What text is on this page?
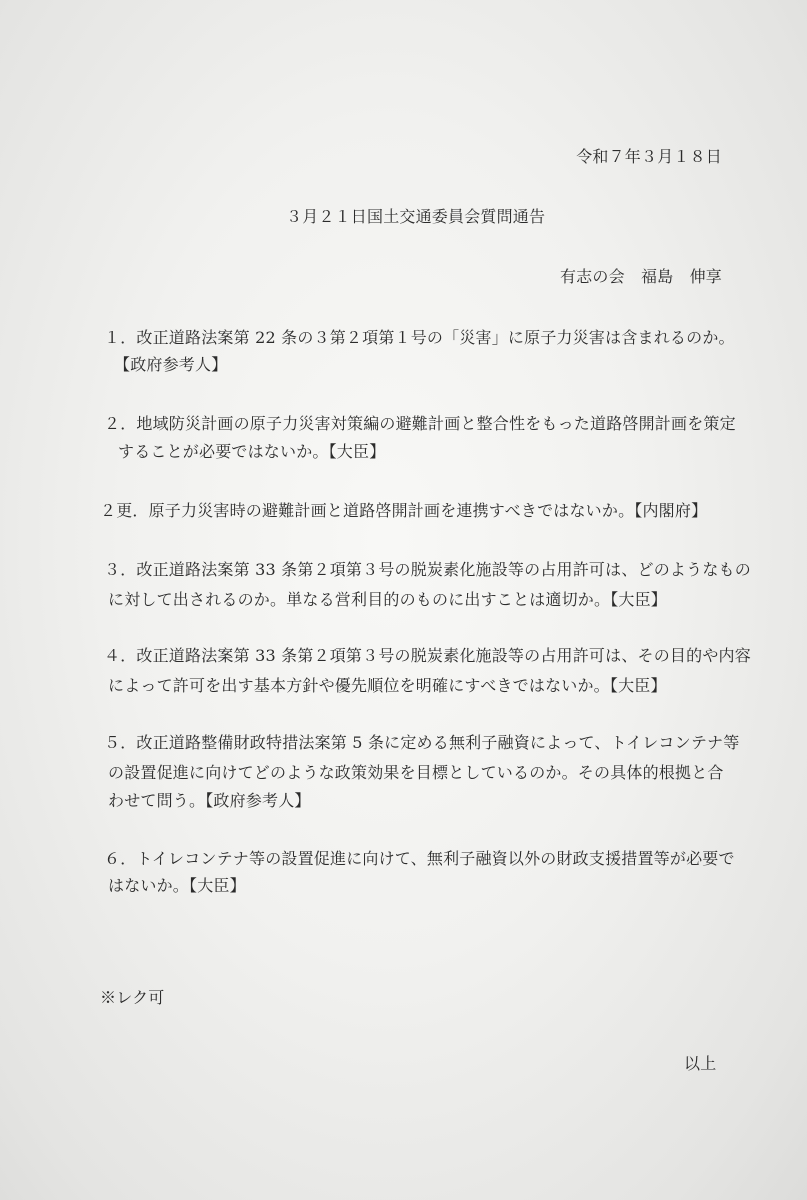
令和７年３月１８日
３月２１日国土交通委員会質問通告
有志の会　福島　伸享
１．改正道路法案第 22 条の３第２項第１号の「災害」に原子力災害は含まれるのか。
【政府参考人】
２．地域防災計画の原子力災害対策編の避難計画と整合性をもった道路啓開計画を策定
することが必要ではないか。【大臣】
２更．原子力災害時の避難計画と道路啓開計画を連携すべきではないか。【内閣府】
３．改正道路法案第 33 条第２項第３号の脱炭素化施設等の占用許可は、どのようなもの
に対して出されるのか。単なる営利目的のものに出すことは適切か。【大臣】
４．改正道路法案第 33 条第２項第３号の脱炭素化施設等の占用許可は、その目的や内容
によって許可を出す基本方針や優先順位を明確にすべきではないか。【大臣】
５．改正道路整備財政特措法案第 5 条に定める無利子融資によって、トイレコンテナ等
の設置促進に向けてどのような政策効果を目標としているのか。その具体的根拠と合
わせて問う。【政府参考人】
６．トイレコンテナ等の設置促進に向けて、無利子融資以外の財政支援措置等が必要で
はないか。【大臣】
※レク可
以上
